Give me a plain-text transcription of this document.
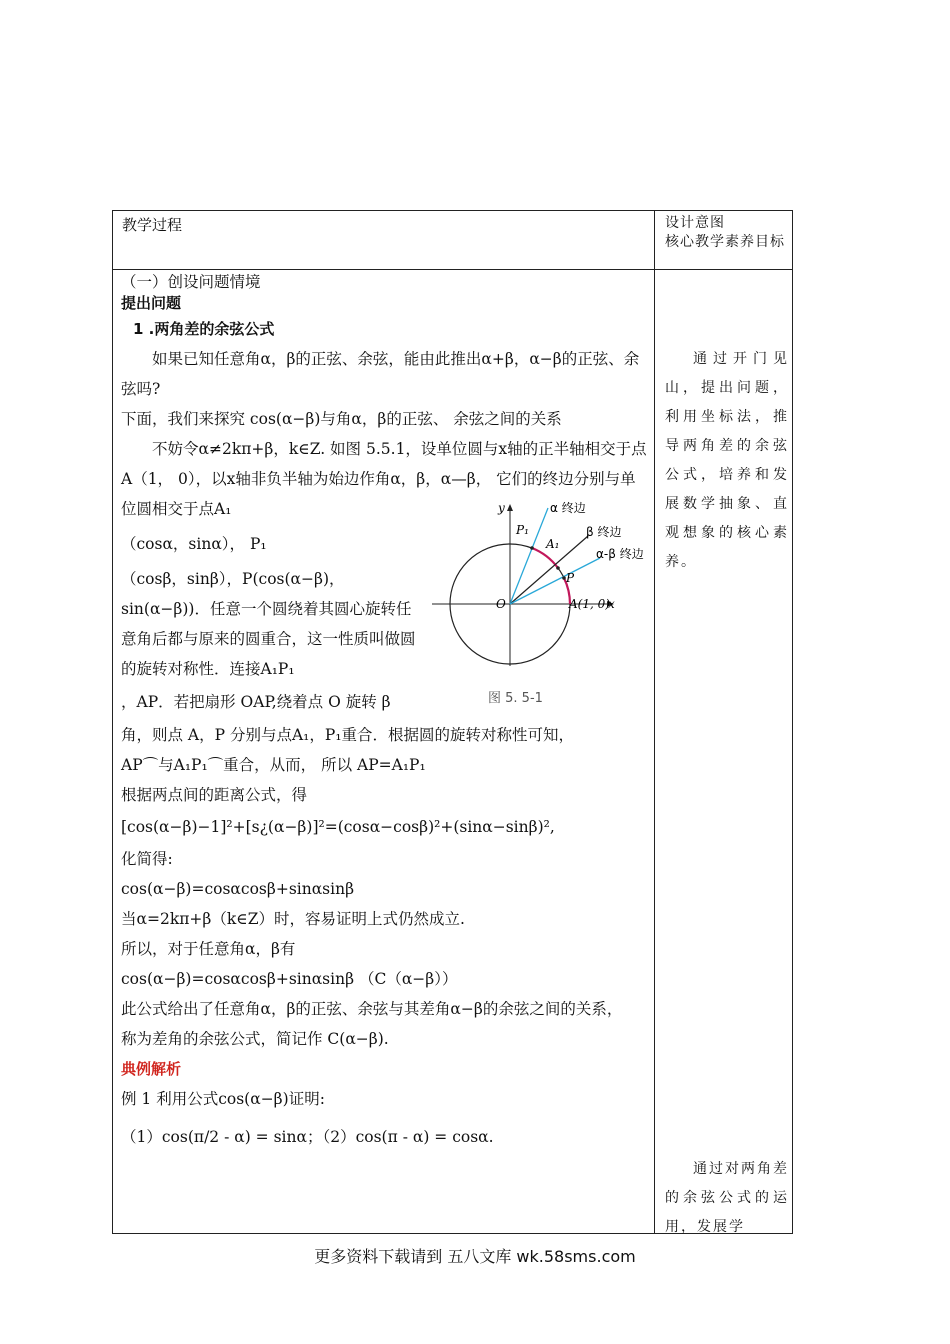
教学过程	设计意图
核心教学素养目标

（一）创设问题情境

提出问题

1 .两角差的余弦公式

如果已知任意角α，β的正弦、余弦，能由此推出α+β，α−β的正弦、余弦吗?

下面，我们来探究 cos(α−β)与角α，β的正弦、 余弦之间的关系

不妨令α≠2kπ+β，k∈Z. 如图 5.5.1，设单位圆与x轴的正半轴相交于点 A（1， 0），以x轴非负半轴为始边作角α，β，α—β， 它们的终边分别与单位圆相交于点A₁

（cosα，sinα）， P₁

（cosβ，sinβ），P(cos(α−β)，sin(α−β))．任意一个圆绕着其圆心旋转任意角后都与原来的圆重合，这一性质叫做圆的旋转对称性．连接A₁P₁

，AP．若把扇形 OAP,绕着点 O 旋转 β

角，则点 A，P 分别与点A₁，P₁重合．根据圆的旋转对称性可知，

AP⌒与A₁P₁⌒重合，从而， 所以 AP=A₁P₁

根据两点间的距离公式，得

[cos(α−β)−1]²+[s¿(α−β)]²=(cosα−cosβ)²+(sinα−sinβ)²,

化简得:

cos(α−β)=cosαcosβ+sinαsinβ

当α=2kπ+β（k∈Z）时，容易证明上式仍然成立.

所以，对于任意角α，β有

cos(α−β)=cosαcosβ+sinαsinβ （C（α−β））

此公式给出了任意角α，β的正弦、余弦与其差角α−β的余弦之间的关系，

称为差角的余弦公式，简记作 C(α−β).

典例解析

例 1 利用公式cos(α−β)证明:

（1）cos(π/2 - α) = sinα；（2）cos(π - α) = cosα.

通过开门见山，提出问题，利用坐标法，推导两角差的余弦公式，培养和发展数学抽象、直观想象的核心素养。
通过对两角差的余弦公式的运用，发展学
α 终边
β 终边
α-β 终边
P₁
A₁
P
O	A(1, 0)
x
y
图 5. 5-1
更多资料下载请到 五八文库 wk.58sms.com
